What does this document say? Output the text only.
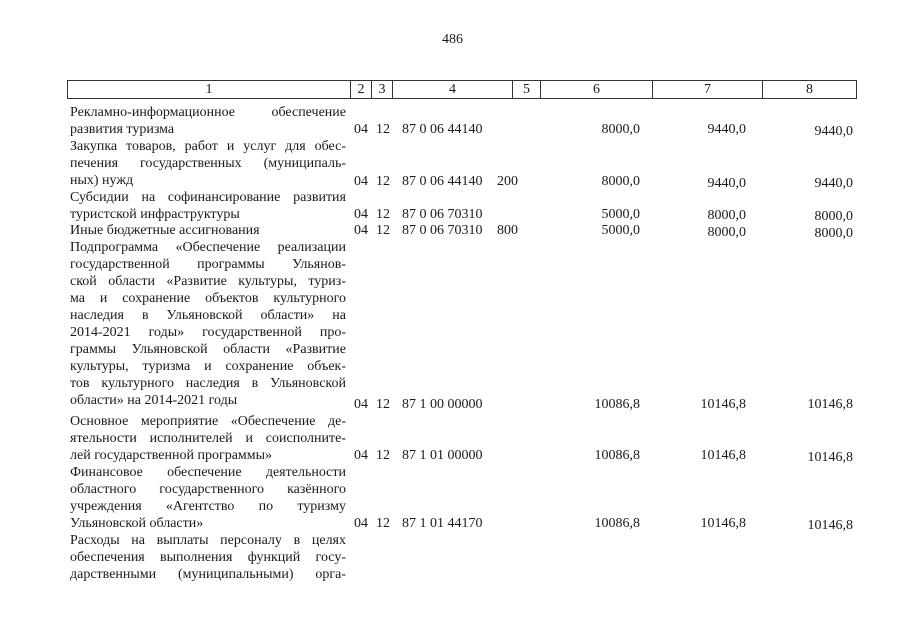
486
1	2	3	4	5	6	7	8
Рекламно-информационное обеспечение
развития туризма	04 12 87 0 06 44140	8000,0	9440,0	9440,0
Закупка товаров, работ и услуг для обес-
печения государственных (муниципаль-
ных) нужд	04 12 87 0 06 44140 200	8000,0	9440,0	9440,0
Субсидии на софинансирование развития
туристской инфраструктуры	04 12 87 0 06 70310	5000,0	8000,0	8000,0
Иные бюджетные ассигнования	04 12 87 0 06 70310 800	5000,0	8000,0	8000,0
Подпрограмма «Обеспечение реализации
государственной программы Ульянов-
ской области «Развитие культуры, туриз-
ма и сохранение объектов культурного
наследия в Ульяновской области» на
2014-2021 годы» государственной про-
граммы Ульяновской области «Развитие
культуры, туризма и сохранение объек-
тов культурного наследия в Ульяновской
области» на 2014-2021 годы	04 12 87 1 00 00000	10086,8	10146,8	10146,8
Основное мероприятие «Обеспечение де-
ятельности исполнителей и соисполните-
лей государственной программы»	04 12 87 1 01 00000	10086,8	10146,8	10146,8
Финансовое обеспечение деятельности
областного государственного казённого
учреждения «Агентство по туризму
Ульяновской области»	04 12 87 1 01 44170	10086,8	10146,8	10146,8
Расходы на выплаты персоналу в целях
обеспечения выполнения функций госу-
дарственными (муниципальными) орга-
